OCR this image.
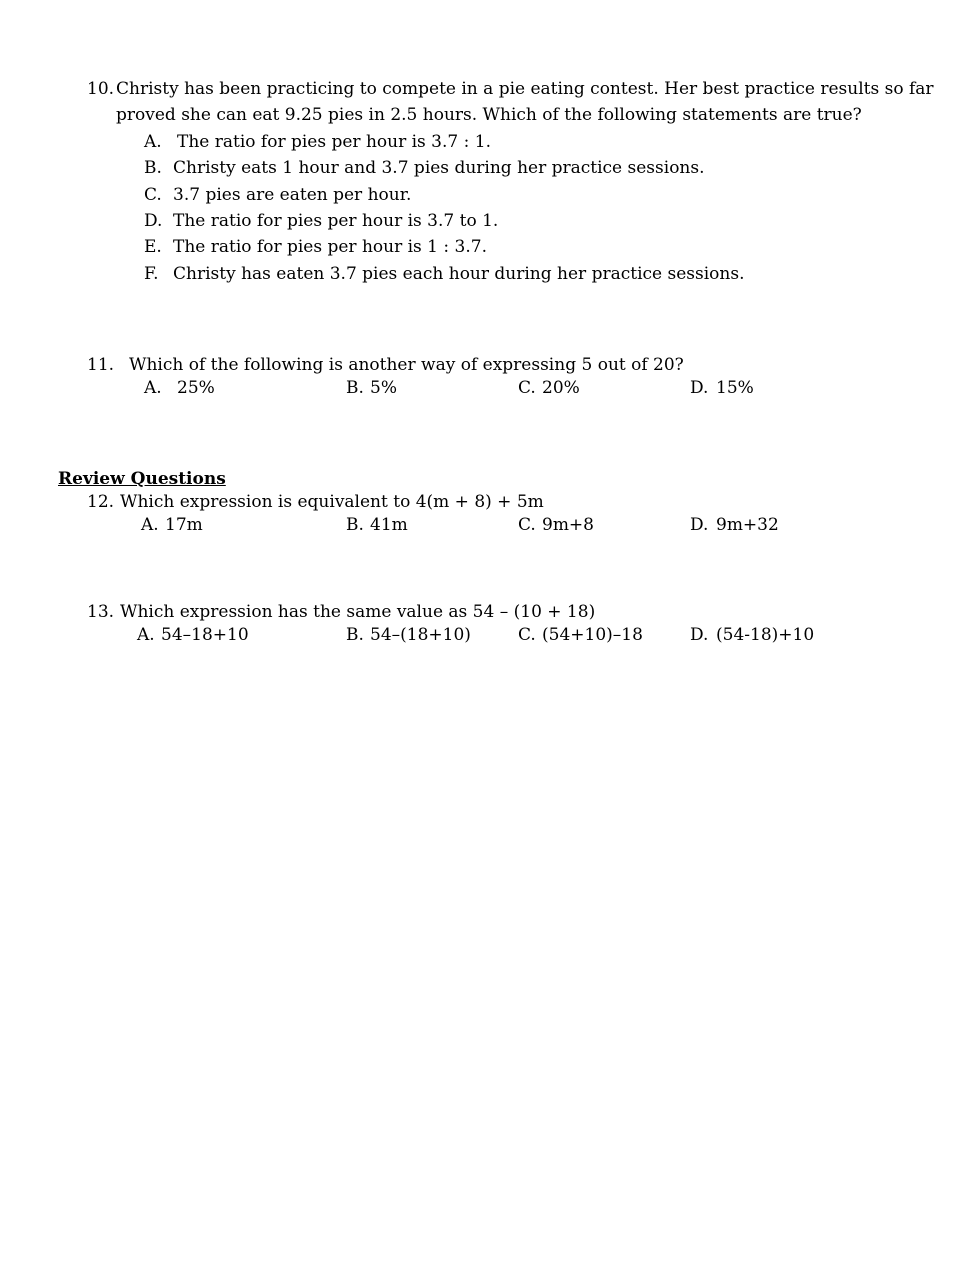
10. Christy has been practicing to compete in a pie eating contest. Her best practice results so far
proved she can eat 9.25 pies in 2.5 hours. Which of the following statements are true?
A. The ratio for pies per hour is 3.7 : 1.
B. Christy eats 1 hour and 3.7 pies during her practice sessions.
C. 3.7 pies are eaten per hour.
D. The ratio for pies per hour is 3.7 to 1.
E. The ratio for pies per hour is 1 : 3.7.
F. Christy has eaten 3.7 pies each hour during her practice sessions.
11. Which of the following is another way of expressing 5 out of 20?
A. 25%	B. 5%	C. 20%	D. 15%
Review Questions
12. Which expression is equivalent to 4(m + 8) + 5m
A. 17m	B. 41m	C. 9m+8	D. 9m+32
13. Which expression has the same value as 54 – (10 + 18)
A. 54–18+10	B. 54–(18+10)	C. (54+10)–18	D. (54-18)+10
